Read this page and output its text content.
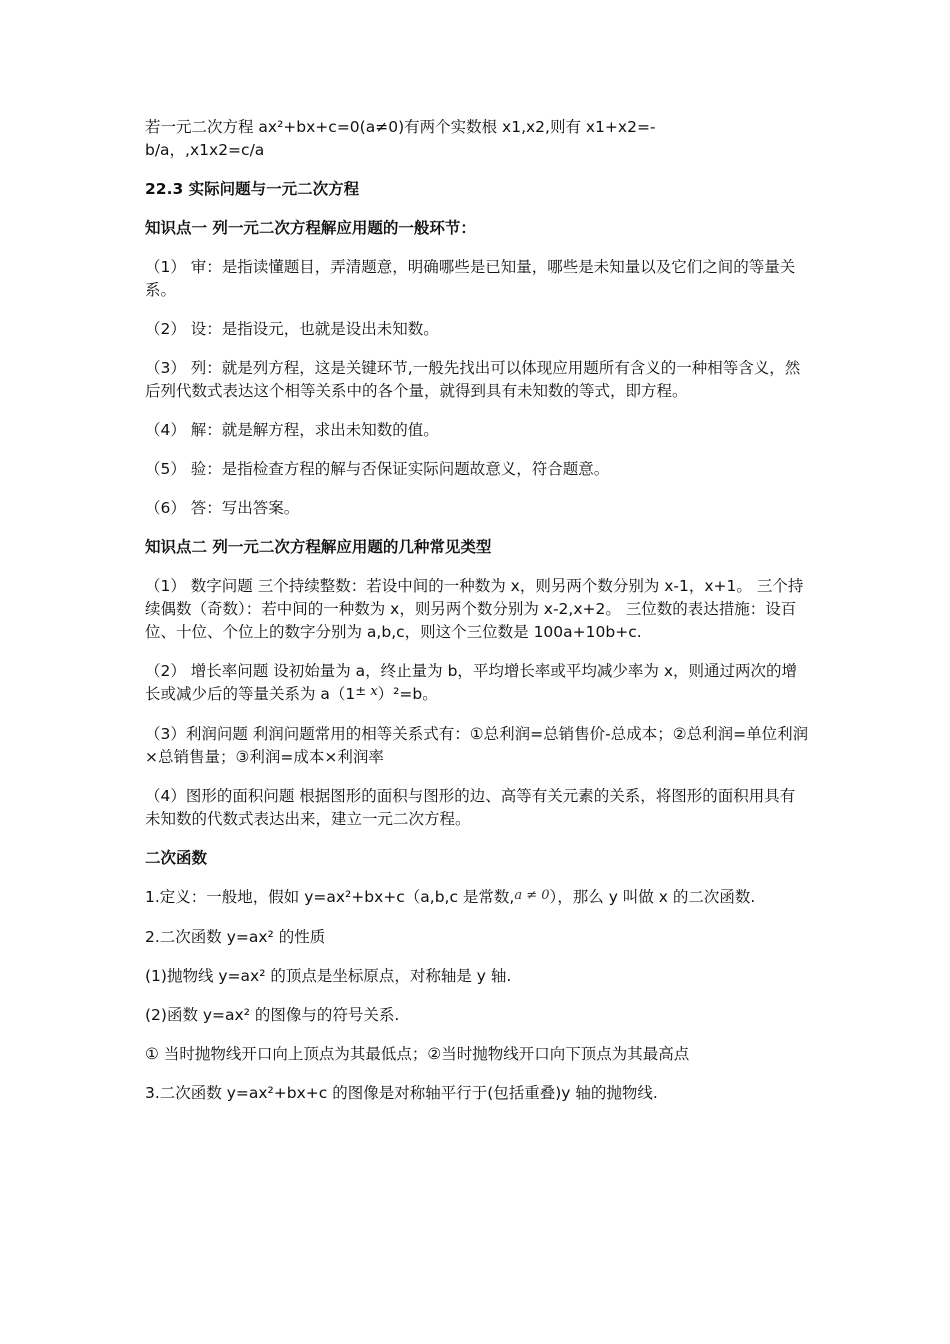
若一元二次方程 ax²+bx+c=0(a≠0)有两个实数根 x1,x2,则有 x1+x2=-
b/a，,x1x2=c/a

22.3 实际问题与一元二次方程

知识点一 列一元二次方程解应用题的一般环节：

（1） 审：是指读懂题目，弄清题意，明确哪些是已知量，哪些是未知量以及它们之间的等量关系。

（2） 设：是指设元，也就是设出未知数。

（3） 列：就是列方程，这是关键环节,一般先找出可以体现应用题所有含义的一种相等含义，然后列代数式表达这个相等关系中的各个量，就得到具有未知数的等式，即方程。

（4） 解：就是解方程，求出未知数的值。

（5） 验：是指检查方程的解与否保证实际问题故意义，符合题意。

（6） 答：写出答案。

知识点二 列一元二次方程解应用题的几种常见类型

（1） 数字问题 三个持续整数：若设中间的一种数为 x，则另两个数分别为 x-1，x+1。 三个持续偶数（奇数）：若中间的一种数为 x，则另两个数分别为 x-2,x+2。 三位数的表达措施：设百位、十位、个位上的数字分别为 a,b,c，则这个三位数是 100a+10b+c.

（2） 增长率问题 设初始量为 a，终止量为 b，平均增长率或平均减少率为 x，则通过两次的增长或减少后的等量关系为 $a(1^{\pm x})^2=b$。

（3）利润问题 利润问题常用的相等关系式有：①总利润=总销售价-总成本；②总利润=单位利润×总销售量；③利润=成本×利润率

（4）图形的面积问题 根据图形的面积与图形的边、高等有关元素的关系，将图形的面积用具有未知数的代数式表达出来，建立一元二次方程。

二次函数

1.定义：一般地，假如 y=ax²+bx+c（a,b,c 是常数,a ≠ 0），那么 y 叫做 x 的二次函数.

2.二次函数 y=ax² 的性质

(1)抛物线 y=ax² 的顶点是坐标原点，对称轴是 y 轴.

(2)函数 y=ax² 的图像与的符号关系.

① 当时抛物线开口向上顶点为其最低点；②当时抛物线开口向下顶点为其最高点

3.二次函数 y=ax²+bx+c 的图像是对称轴平行于(包括重叠)y 轴的抛物线.
